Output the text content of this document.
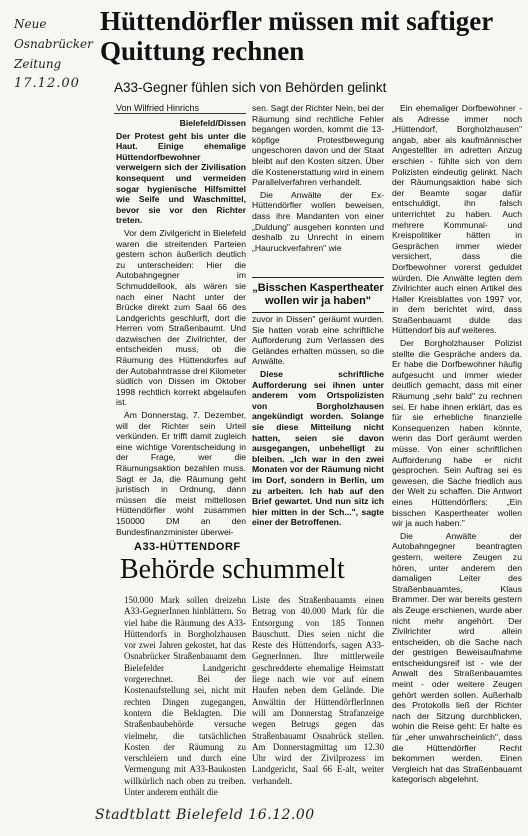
Neue
Osnabrücker
Zeitung
17.12.00
Hüttendörfler müssen mit saftiger Quittung rechnen
A33-Gegner fühlen sich von Behörden gelinkt
Von Wilfried Hinrichs

Bielefeld/Dissen

Der Protest geht bis unter die Haut. Einige ehemalige Hüttendorfbewohner verweigern sich der Zivilisation konsequent und vermeiden sogar hygienische Hilfsmittel wie Seife und Waschmittel, bevor sie vor den Richter treten.

Vor dem Zivilgericht in Bielefeld waren die streitenden Parteien gestern schon äußerlich deutlich zu unterscheiden: Hier die Autobahngegner im Schmuddellook, als wären sie nach einer Nacht unter der Brücke direkt zum Saal 66 des Landgerichts geschlurft, dort die Herren vom Straßenbaumt. Und dazwischen der Zivilrichter, der entscheiden muss, ob die Räumung des Hüttendorfes auf der Autobahntrasse drei Kilometer südlich von Dissen im Oktober 1998 rechtlich korrekt abgelaufen ist.

Am Donnerstag, 7. Dezember, will der Richter sein Urteil verkünden. Er trifft damit zugleich eine wichtige Vorentscheidung in der Frage, wer die Räumungsaktion bezahlen muss. Sagt er Ja, die Räumung geht juristisch in Ordnung, dann müssen die meist mittellosen Hüttendörfler wohl zusammen 150000 DM an den Bundesfinanzminister überwei-

sen. Sagt der Richter Nein, bei der Räumung sind rechtliche Fehler begangen worden, kommt die 13-köpfige Protestbewegung ungeschoren davon und der Staat bleibt auf den Kosten sitzen. Über die Kostenerstattung wird in einem Parallelverfahren verhandelt.

Die Anwälte der Ex-Hüttendörfler wollen beweisen, dass ihre Mandanten von einer „Duldung" ausgehen konnten und deshalb zu Unrecht in einem „Hauruckverfahren" wie

„Bisschen Kaspertheater wollen wir ja haben"

zuvor in Dissen" geräumt wurden. Sie hatten vorab eine schriftliche Aufforderung zum Verlassen des Geländes erhalten müssen, so die Anwälte.

Diese schriftliche Aufforderung sei ihnen unter anderem vom Ortspolizisten von Borgholzhausen angekündigt worden. Solange sie diese Mitteilung nicht hatten, seien sie davon ausgegangen, unbehelligt zu bleiben. „Ich war in den zwei Monaten vor der Räumung nicht im Dorf, sondern in Berlin, um zu arbeiten. Ich hab auf den Brief gewartet. Und nun sitz ich hier mitten in der Sch...", sagte einer der Betroffenen.

Ein ehemaliger Dorfbewohner - als Adresse immer noch „Hüttendorf, Borgholzhausen" angab, aber als kaufmännischer Angestellter im adretten Anzug erschien - fühlte sich von dem Polizisten eindeutig gelinkt. Nach der Räumungsaktion habe sich der Beamte sogar dafür entschuldigt, ihn falsch unterrichtet zu haben. Auch mehrere Kommunal- und Kreispolitiker hätten in Gesprächen immer wieder versichert, dass die Dorfbewohner vorerst geduldet würden. Die Anwälte legten dem Zivilrichter auch einen Artikel des Haller Kreisblattes von 1997 vor, in dem berichtet wird, dass Straßenbauamt dulde das Hüttendorf bis auf weiteres.

Der Borgholzhauser Polizist stellte die Gespräche anders da. Er habe die Dorfbewohner häufig aufgesucht und immer wieder deutlich gemacht, dass mit einer Räumung „sehr bald" zu rechnen sei. Er habe ihnen erklärt, das es für sie erhebliche finanzielle Konsequenzen haben könnte, wenn das Dorf geräumt werden müsse. Von einer schriftlichen Aufforderung habe er nicht gesprochen. Sein Auftrag sei es gewesen, die Sache friedlich aus der Welt zu schaffen. Die Antwort eines Hüttendörflers: „Ein bisschen Kaspertheater wollen wir ja auch haben."

Die Anwälte der Autobahngegner beantragten gestern, weitere Zeugen zu hören, unter anderem den damaligen Leiter des Straßenbauamtes, Klaus Brammer. Der war bereits gestern als Zeuge erschienen, wurde aber nicht mehr angehört. Der Zivilrichter wird allein entscheiden, ob die Sache nach der gestrigen Beweisaufnahme entscheidungsreif ist - wie der Anwalt des Straßenbauamtes meint - oder weitere Zeugen gehört werden sollen. Außerhalb des Protokolls ließ der Richter nach der Sitzung durchblicken, wohin die Reise geht: Er halte es für „eher unwahrscheinlich", dass die Hüttendörfler Recht bekommen werden. Einen Vergleich hat das Straßenbauamt kategorisch abgelehnt.

A33-HÜTTENDORF
Behörde schummelt

150.000 Mark sollen dreizehn A33-GegnerInnen hinblättern. So viel habe die Räumung des A33-Hüttendorfs in Borgholzhausen vor zwei Jahren gekostet, hat das Osnabrücker Straßenbauamt dem Bielefelder Landgericht vorgerechnet. Bei der Kostenaufstellung sei, nicht mit rechten Dingen zugegangen, kontern die Beklagten. Die Straßenbaubehörde versuche vielmehr, die tatsächlichen Kosten der Räumung zu verschleiern und durch eine Vermengung mit A33-Baukosten willkürlich nach oben zu treiben. Unter anderem enthält die

Liste des Straßenbauamts einen Betrag von 40.000 Mark für die Entsorgung von 185 Tonnen Bauschutt. Dies seien nicht die Reste des Hüttendorfs, sagen A33-GegnerInnen. Ihre mittlerweile geschredderte ehemalige Heimstatt liege nach wie vor auf einem Haufen neben dem Gelände. Die Anwältin der HüttendörflerInnen will am Donnerstag Strafanzeige wegen Betrugs gegen das Straßenbauamt Osnabrück stellen. Am Donnerstagmittag um 12.30 Uhr wird der Zivilprozess im Landgericht, Saal 66 E-alt, weiter verhandelt.

Stadtblatt Bielefeld 16.12.00
